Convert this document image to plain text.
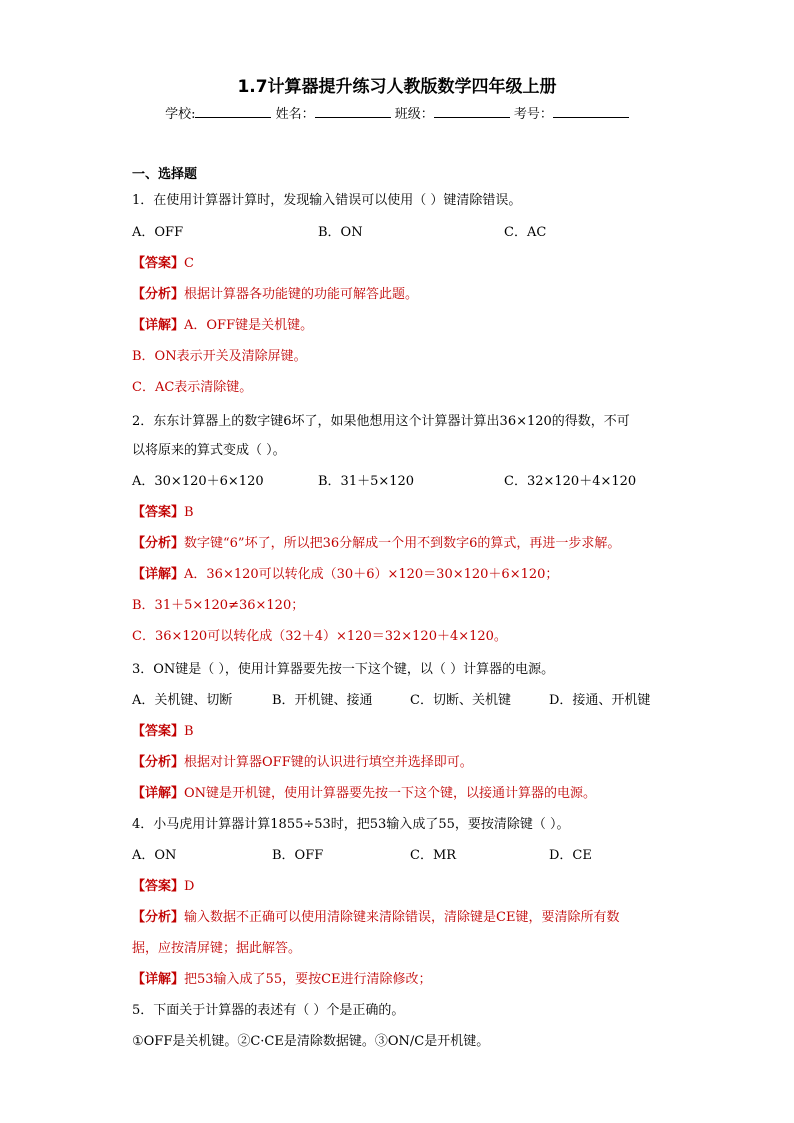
1.7计算器提升练习人教版数学四年级上册
学校:	姓名：	班级：	考号：
一、选择题
1．在使用计算器计算时，发现输入错误可以使用（ ）键清除错误。
A．OFF	B．ON	C．AC
【答案】C
【分析】根据计算器各功能键的功能可解答此题。
【详解】A．OFF键是关机键。
B．ON表示开关及清除屏键。
C．AC表示清除键。
2．东东计算器上的数字键6坏了，如果他想用这个计算器计算出36×120的得数，不可
以将原来的算式变成（ ）。
A．30×120＋6×120	B．31＋5×120	C．32×120＋4×120
【答案】B
【分析】数字键“6”坏了，所以把36分解成一个用不到数字6的算式，再进一步求解。
【详解】A．36×120可以转化成（30＋6）×120＝30×120＋6×120；
B．31＋5×120≠36×120；
C．36×120可以转化成（32＋4）×120＝32×120＋4×120。
3．ON键是（ ），使用计算器要先按一下这个键，以（ ）计算器的电源。
A．关机键、切断	B．开机键、接通	C．切断、关机键	D．接通、开机键
【答案】B
【分析】根据对计算器OFF键的认识进行填空并选择即可。
【详解】ON键是开机键，使用计算器要先按一下这个键，以接通计算器的电源。
4．小马虎用计算器计算1855÷53时，把53输入成了55，要按清除键（ ）。
A．ON	B．OFF	C．MR	D．CE
【答案】D
【分析】输入数据不正确可以使用清除键来清除错误，清除键是CE键，要清除所有数
据，应按清屏键；据此解答。
【详解】把53输入成了55，要按CE进行清除修改；
5．下面关于计算器的表述有（ ）个是正确的。
①OFF是关机键。②C·CE是清除数据键。③ON/C是开机键。
